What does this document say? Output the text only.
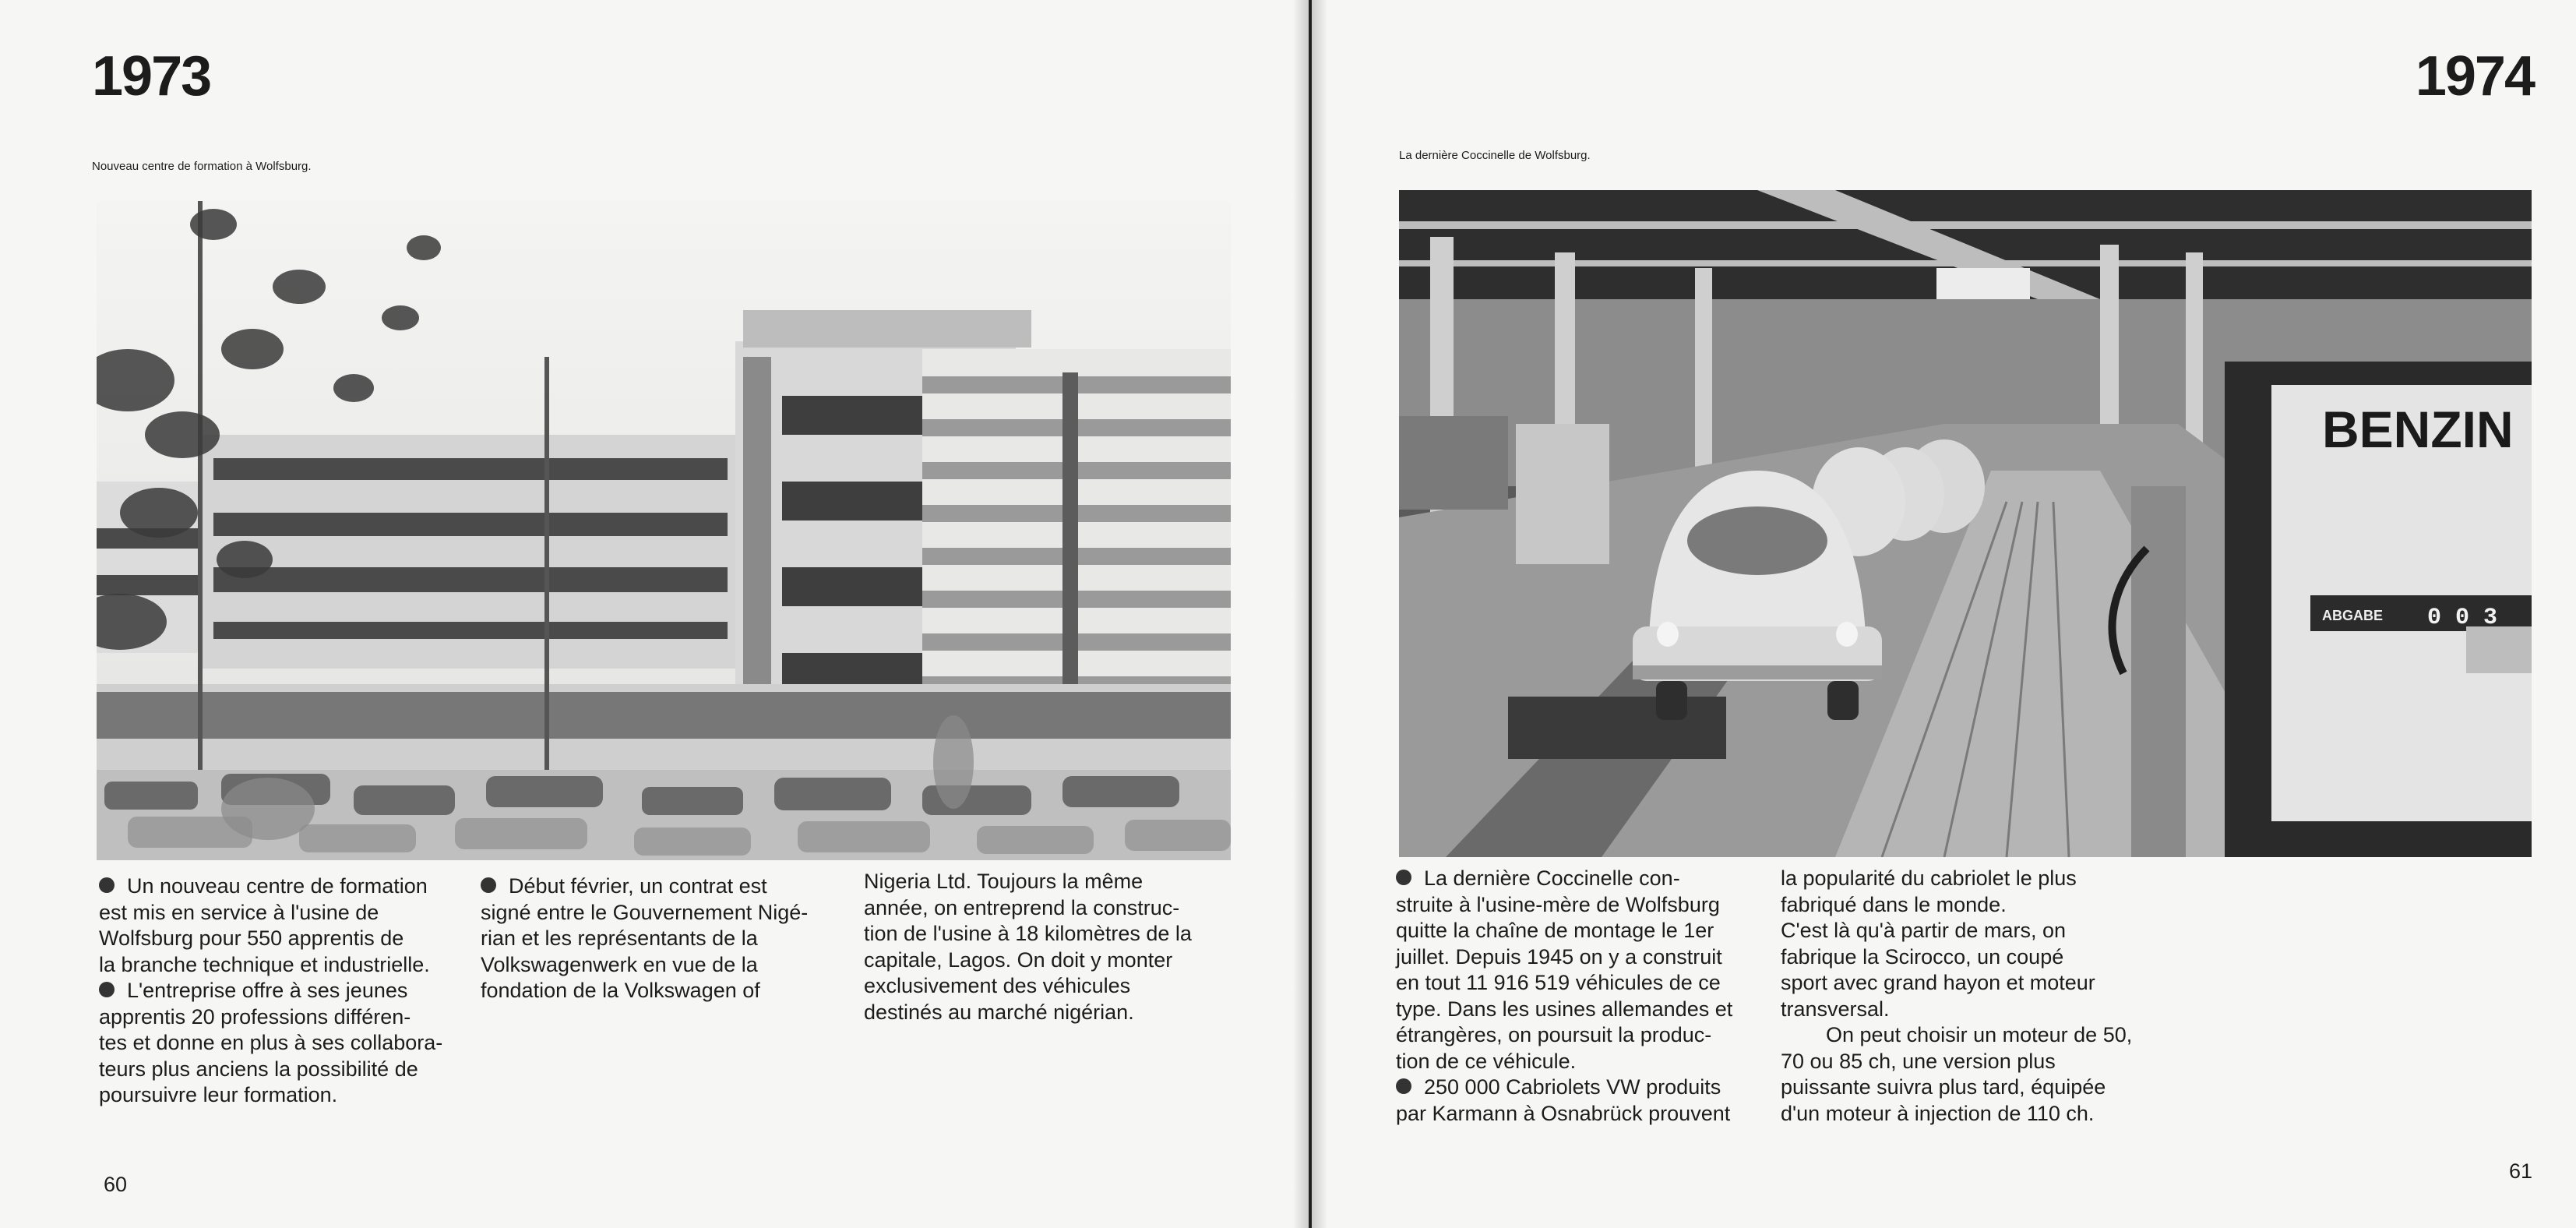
1973
Nouveau centre de formation à Wolfsburg.

Un nouveau centre de formation

est mis en service à l'usine de

Wolfsburg pour 550 apprentis de

la branche technique et industrielle.

L'entreprise offre à ses jeunes

apprentis 20 professions différen-

tes et donne en plus à ses collabora-

teurs plus anciens la possibilité de

poursuivre leur formation.

Début février, un contrat est

signé entre le Gouvernement Nigé-

rian et les représentants de la

Volkswagenwerk en vue de la

fondation de la Volkswagen of

Nigeria Ltd. Toujours la même

année, on entreprend la construc-

tion de l'usine à 18 kilomètres de la

capitale, Lagos. On doit y monter

exclusivement des véhicules

destinés au marché nigérian.

60
1974
La dernière Coccinelle de Wolfsburg.
BENZIN
ABGABE 0 0 3

La dernière Coccinelle con-

struite à l'usine-mère de Wolfsburg

quitte la chaîne de montage le 1er

juillet. Depuis 1945 on y a construit

en tout 11 916 519 véhicules de ce

type. Dans les usines allemandes et

étrangères, on poursuit la produc-

tion de ce véhicule.

250 000 Cabriolets VW produits

par Karmann à Osnabrück prouvent

la popularité du cabriolet le plus

fabriqué dans le monde.

C'est là qu'à partir de mars, on

fabrique la Scirocco, un coupé

sport avec grand hayon et moteur

transversal.

On peut choisir un moteur de 50,

70 ou 85 ch, une version plus

puissante suivra plus tard, équipée

d'un moteur à injection de 110 ch.

61
